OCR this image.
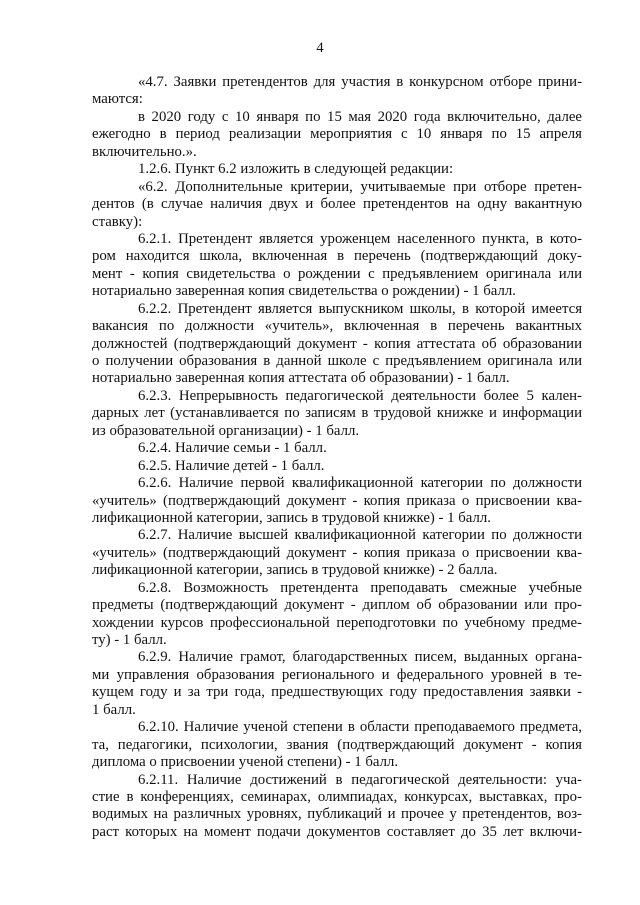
4
«4.7. Заявки претендентов для участия в конкурсном отборе прини-
маются:
в 2020 году с 10 января по 15 мая 2020 года включительно, далее
ежегодно в период реализации мероприятия с 10 января по 15 апреля
включительно.».
1.2.6. Пункт 6.2 изложить в следующей редакции:
«6.2. Дополнительные критерии, учитываемые при отборе претен-
дентов (в случае наличия двух и более претендентов на одну вакантную
ставку):
6.2.1. Претендент является уроженцем населенного пункта, в кото-
ром находится школа, включенная в перечень (подтверждающий доку-
мент - копия свидетельства о рождении с предъявлением оригинала или
нотариально заверенная копия свидетельства о рождении) - 1 балл.
6.2.2. Претендент является выпускником школы, в которой имеется
вакансия по должности «учитель», включенная в перечень вакантных
должностей (подтверждающий документ - копия аттестата об образовании
о получении образования в данной школе с предъявлением оригинала или
нотариально заверенная копия аттестата об образовании) - 1 балл.
6.2.3. Непрерывность педагогической деятельности более 5 кален-
дарных лет (устанавливается по записям в трудовой книжке и информации
из образовательной организации) - 1 балл.
6.2.4. Наличие семьи - 1 балл.
6.2.5. Наличие детей - 1 балл.
6.2.6. Наличие первой квалификационной категории по должности
«учитель» (подтверждающий документ - копия приказа о присвоении ква-
лификационной категории, запись в трудовой книжке) - 1 балл.
6.2.7. Наличие высшей квалификационной категории по должности
«учитель» (подтверждающий документ - копия приказа о присвоении ква-
лификационной категории, запись в трудовой книжке) - 2 балла.
6.2.8. Возможность претендента преподавать смежные учебные
предметы (подтверждающий документ - диплом об образовании или про-
хождении курсов профессиональной переподготовки по учебному предме-
ту) - 1 балл.
6.2.9. Наличие грамот, благодарственных писем, выданных органа-
ми управления образования регионального и федерального уровней в те-
кущем году и за три года, предшествующих году предоставления заявки -
1 балл.
6.2.10. Наличие ученой степени в области преподаваемого предмета,
та, педагогики, психологии, звания (подтверждающий документ - копия
диплома о присвоении ученой степени) - 1 балл.
6.2.11. Наличие достижений в педагогической деятельности: уча-
стие в конференциях, семинарах, олимпиадах, конкурсах, выставках, про-
водимых на различных уровнях, публикаций и прочее у претендентов, воз-
раст которых на момент подачи документов составляет до 35 лет включи-
